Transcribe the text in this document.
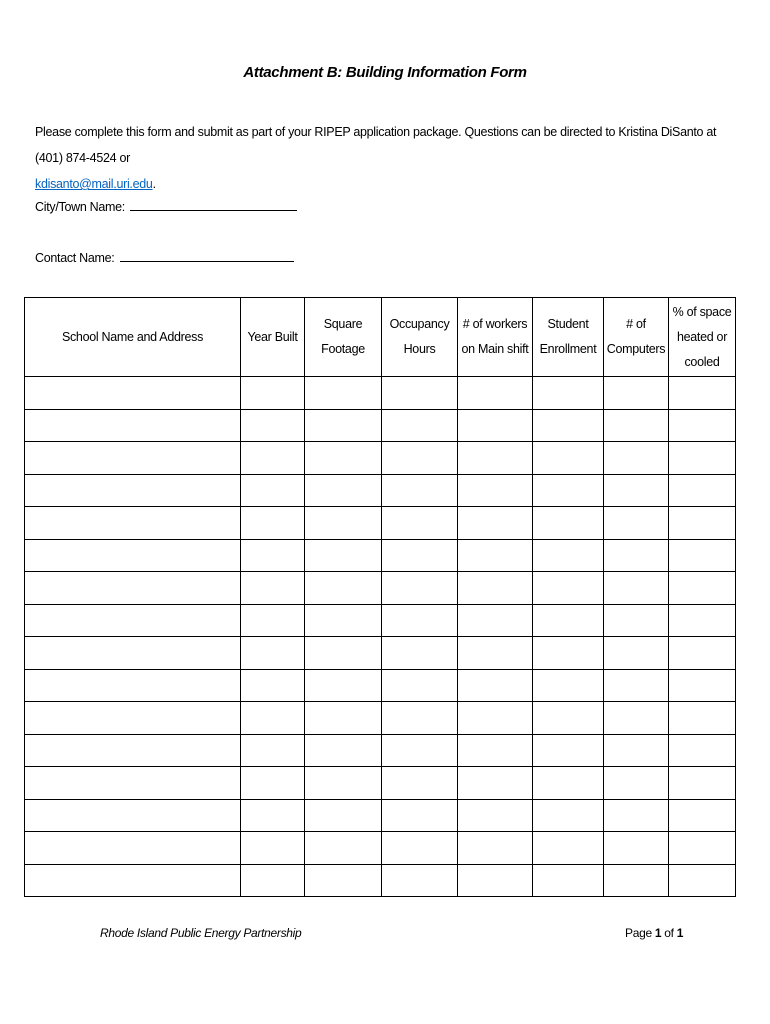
Attachment B: Building Information Form
Please complete this form and submit as part of your RIPEP application package. Questions can be directed to Kristina DiSanto at (401) 874-4524 or
kdisanto@mail.uri.edu.
City/Town Name:
Contact Name:
School Name and Address	Year Built	Square Footage	Occupancy Hours	# of workers on Main shift	Student Enrollment	# of Computers	% of space heated or cooled

Rhode Island Public Energy Partnership	Page 1 of 1
